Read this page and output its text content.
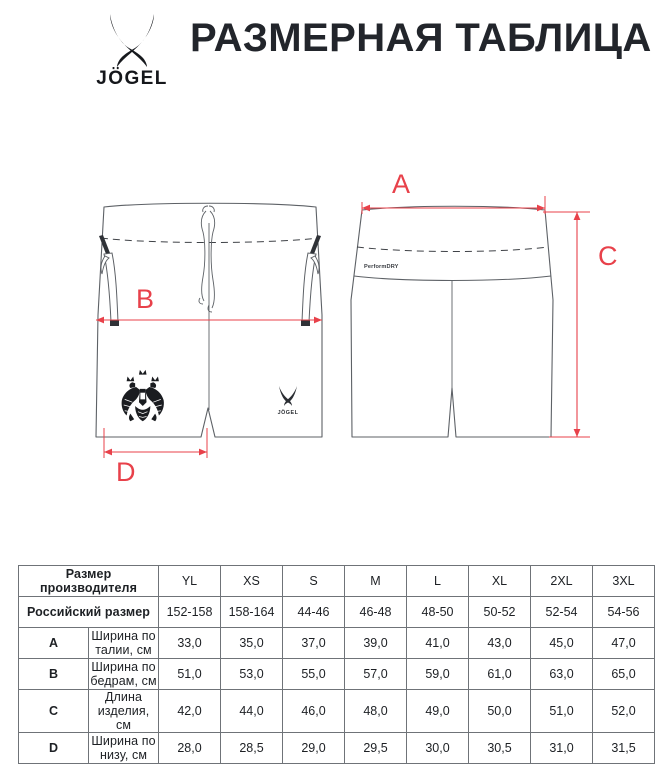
JÖGEL
РАЗМЕРНАЯ ТАБЛИЦА
JÖGEL
B
D
PerformDRY
A
C
Размер производителя		YL	XS	S	M	L	XL	2XL	3XL
Российский размер		152-158	158-164	44-46	46-48	48-50	50-52	52-54	54-56
A	Ширина по талии, см	33,0	35,0	37,0	39,0	41,0	43,0	45,0	47,0
B	Ширина по бедрам, см	51,0	53,0	55,0	57,0	59,0	61,0	63,0	65,0
C	Длина изделия, см	42,0	44,0	46,0	48,0	49,0	50,0	51,0	52,0
D	Ширина по низу, см	28,0	28,5	29,0	29,5	30,0	30,5	31,0	31,5
